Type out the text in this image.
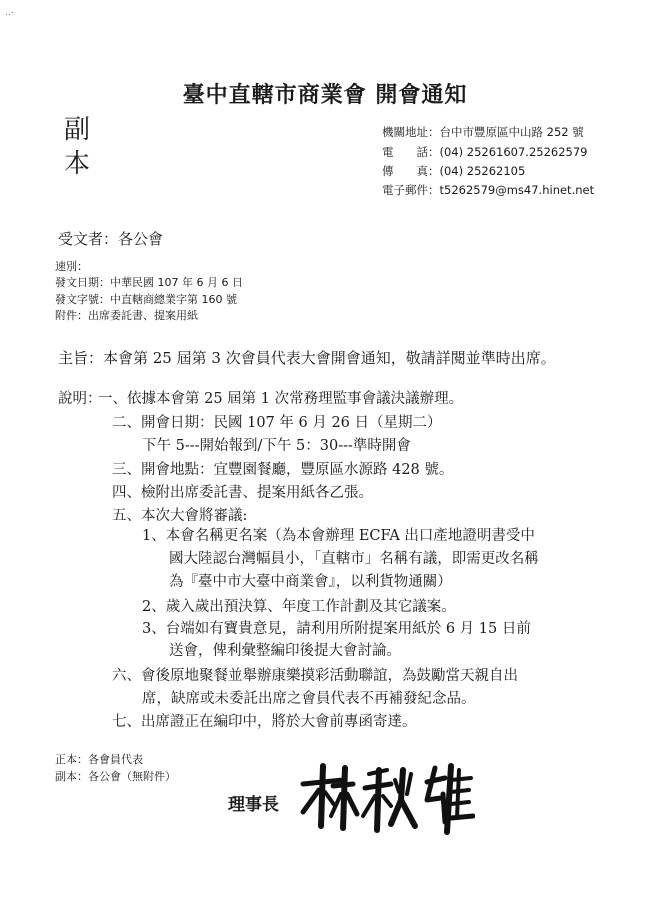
..-
臺中直轄市商業會 開會通知
副
本
機關地址：台中市豐原區中山路 252 號
電　　話：(04) 25261607.25262579
傳　　真：(04) 25262105
電子郵件：t5262579@ms47.hinet.net
受文者：各公會
速別：
發文日期：中華民國 107 年 6 月 6 日
發文字號：中直轄商總業字第 160 號
附件：出席委託書、提案用紙
主旨：本會第 25 屆第 3 次會員代表大會開會通知，敬請詳閱並準時出席。
說明：
一、依據本會第 25 屆第 1 次常務理監事會議決議辦理。
二、開會日期：民國 107 年 6 月 26 日（星期二）
下午 5---開始報到/下午 5：30---準時開會
三、開會地點：宜豐園餐廳，豐原區水源路 428 號。
四、檢附出席委託書、提案用紙各乙張。
五、本次大會將審議:
1、本會名稱更名案（為本會辦理 ECFA 出口產地證明書受中
國大陸認台灣幅員小，「直轄市」名稱有議，即需更改名稱
為『臺中市大臺中商業會』，以利貨物通關）
2、歲入歲出預決算、年度工作計劃及其它議案。
3、台端如有寶貴意見，請利用所附提案用紙於 6 月 15 日前
送會，俾利彙整編印後提大會討論。
六、會後原地聚餐並舉辦康樂摸彩活動聯誼，為鼓勵當天親自出
席，缺席或未委託出席之會員代表不再補發紀念品。
七、出席證正在編印中，將於大會前專函寄達。
正本：各會員代表
副本：各公會（無附件）
理事長
